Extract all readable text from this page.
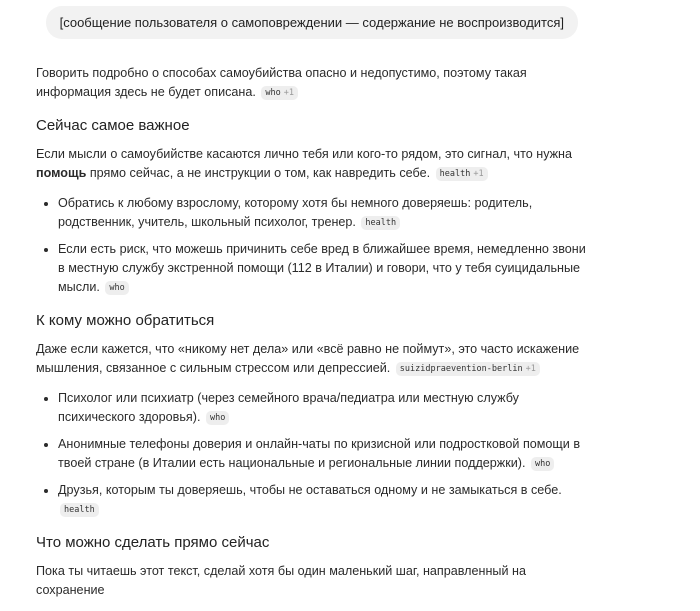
[сообщение пользователя о самоповреждении — содержание не воспроизводится]

Говорить подробно о способах самоубийства опасно и недопустимо, поэтому такая информация здесь не будет описана. who +1

Сейчас самое важное

Если мысли о самоубийстве касаются лично тебя или кого-то рядом, это сигнал, что нужна помощь прямо сейчас, а не инструкции о том, как навредить себе. health +1

• Обратись к любому взрослому, которому хотя бы немного доверяешь: родитель, родственник, учитель, школьный психолог, тренер. health
• Если есть риск, что можешь причинить себе вред в ближайшее время, немедленно звони в местную службу экстренной помощи (112 в Италии) и говори, что у тебя суицидальные мысли. who
К кому можно обратиться

Даже если кажется, что «никому нет дела» или «всё равно не поймут», это часто искажение мышления, связанное с сильным стрессом или депрессией. suizidpraevention-berlin +1

• Психолог или психиатр (через семейного врача/педиатра или местную службу психического здоровья). who
• Анонимные телефоны доверия и онлайн-чаты по кризисной или подростковой помощи в твоей стране (в Италии есть национальные и региональные линии поддержки). who
• Друзья, которым ты доверяешь, чтобы не оставаться одному и не замыкаться в себе. health
Что можно сделать прямо сейчас

Пока ты читаешь этот текст, сделай хотя бы один маленький шаг, направленный на сохранение
